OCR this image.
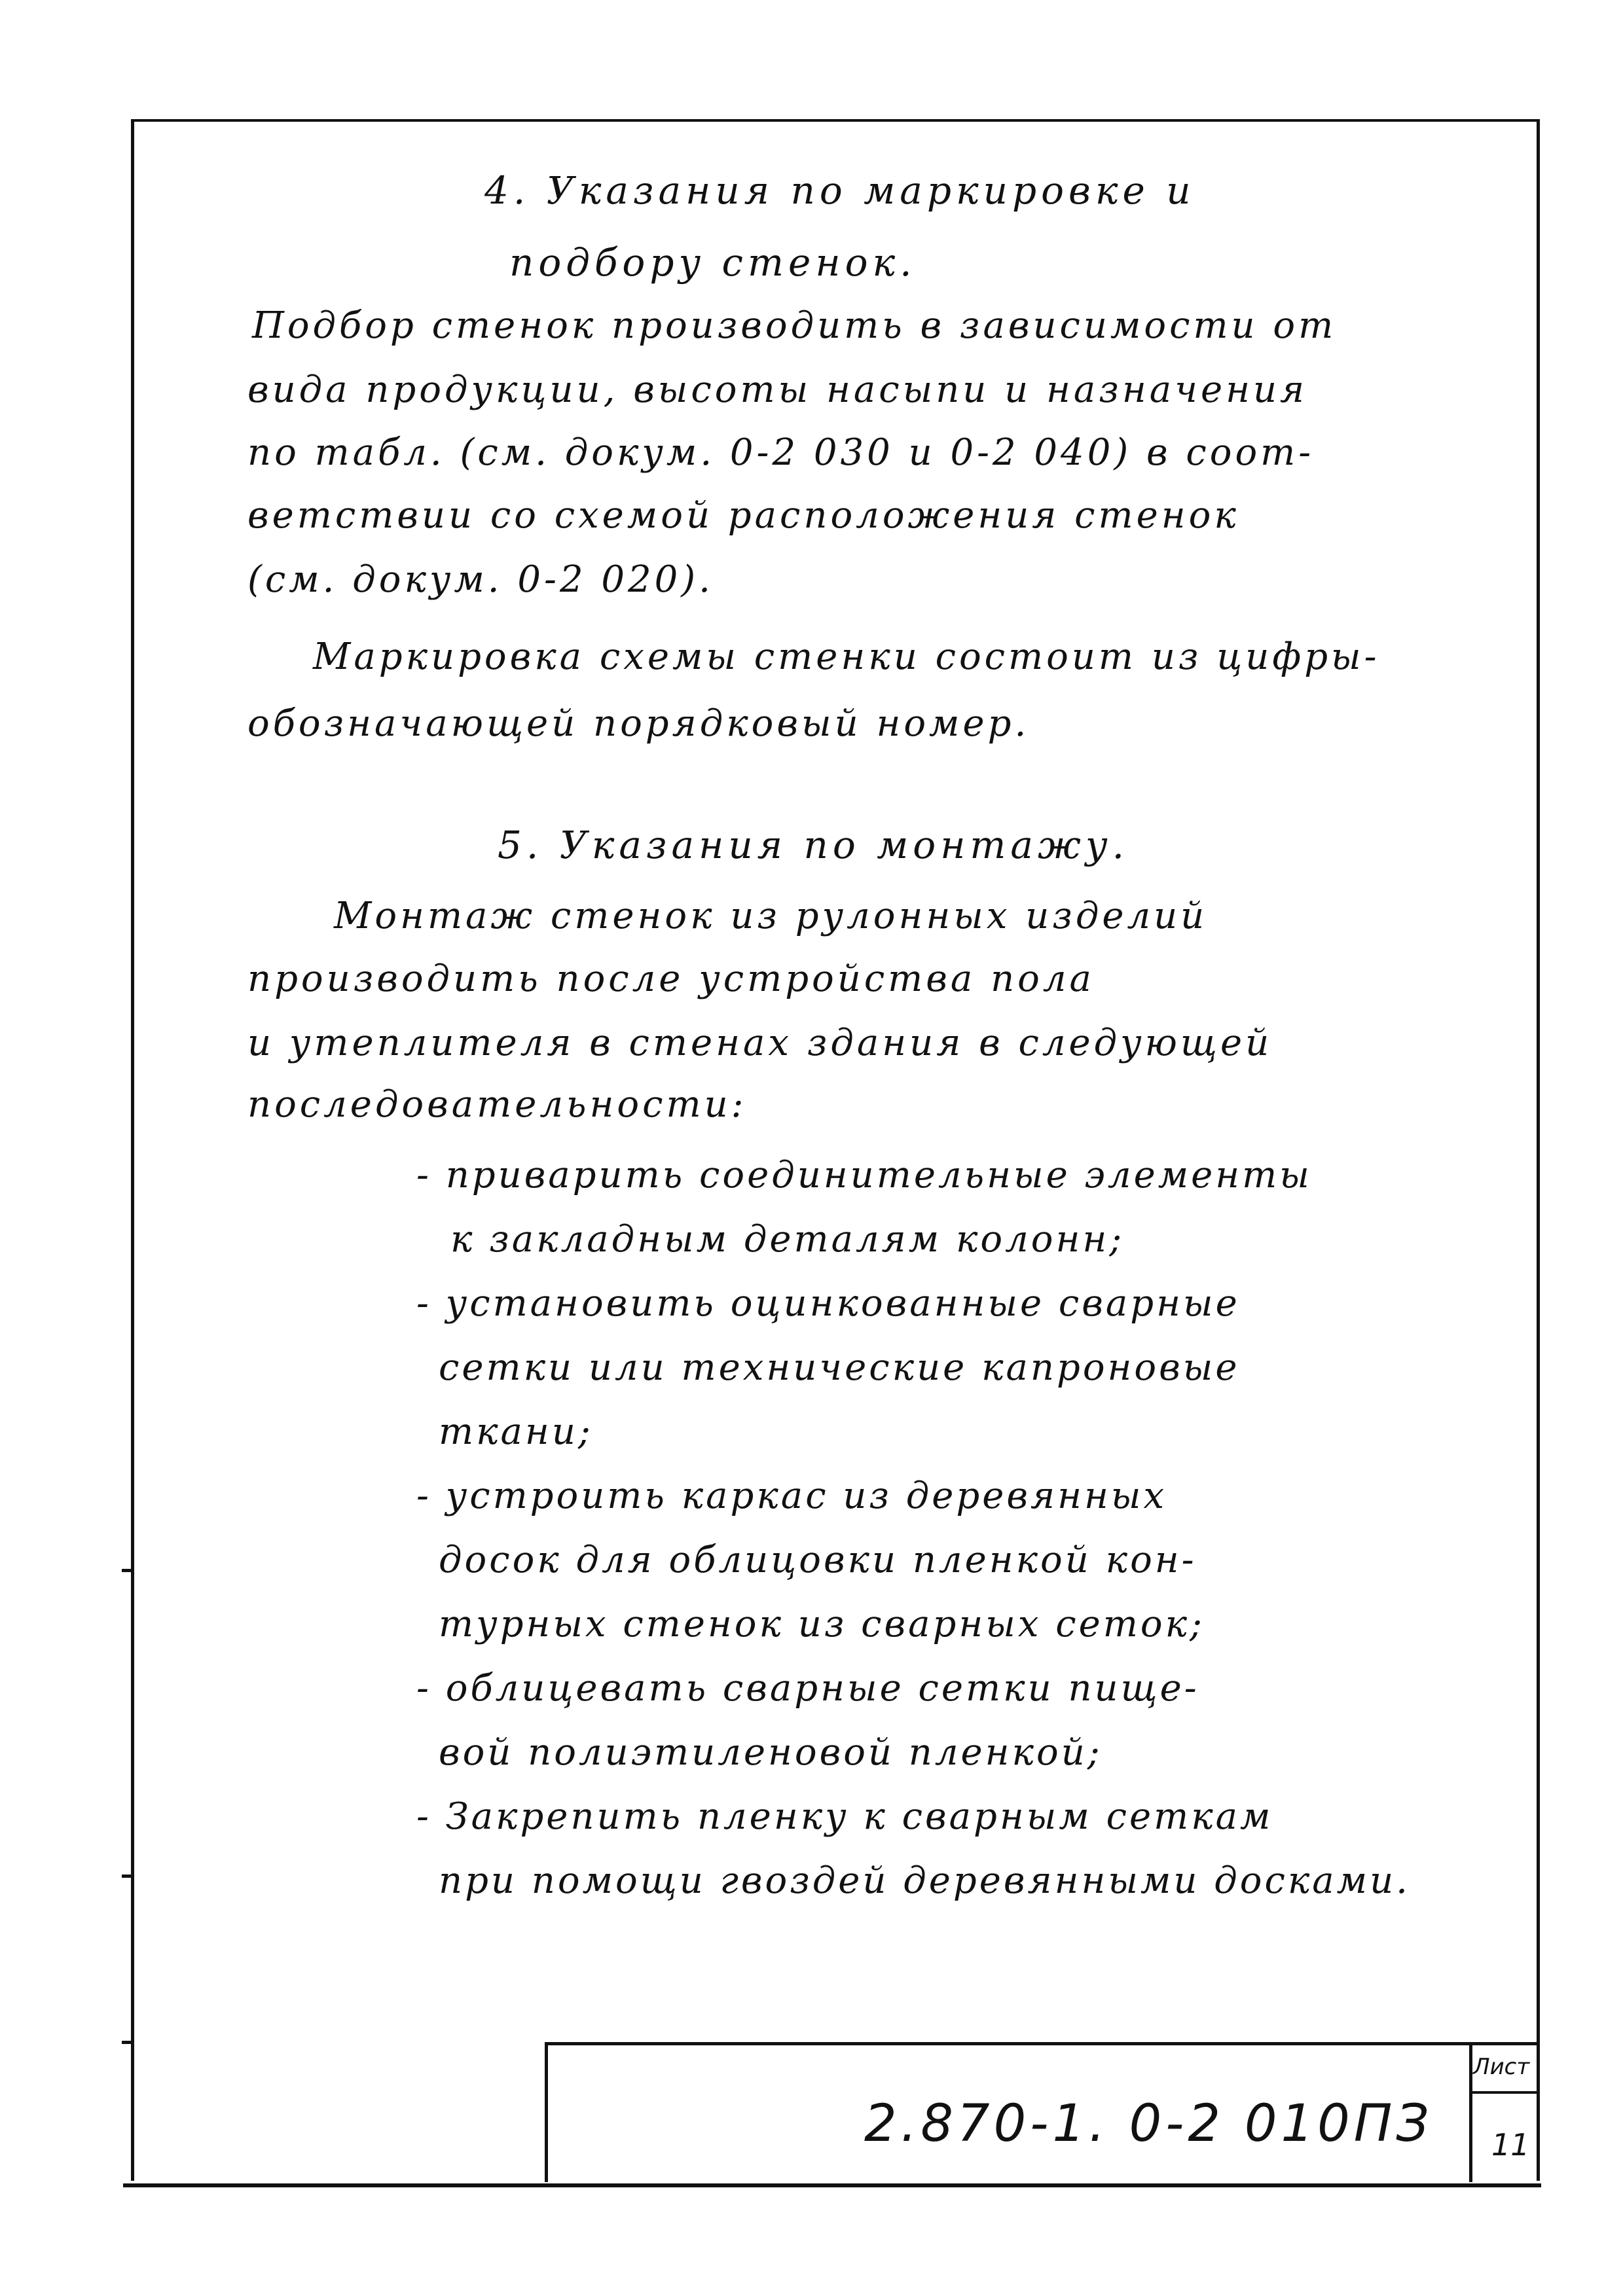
4. Указания по маркировке и
подбору стенок.
Подбор стенок производить в зависимости от
вида продукции, высоты насыпи и назначения
по табл. (см. докум. 0-2 030 и 0-2 040) в соот-
ветствии со схемой расположения стенок
(см. докум. 0-2 020).
Маркировка схемы стенки состоит из цифры-
обозначающей порядковый номер.
5. Указания по монтажу.
Монтаж стенок из рулонных изделий
производить после устройства пола
и утеплителя в стенах здания в следующей
последовательности:
- приварить соединительные элементы
к закладным деталям колонн;
- установить оцинкованные сварные
сетки или технические капроновые
ткани;
- устроить каркас из деревянных
досок для облицовки пленкой кон-
турных стенок из сварных сеток;
- облицевать сварные сетки пище-
вой полиэтиленовой пленкой;
- Закрепить пленку к сварным сеткам
при помощи гвоздей деревянными досками.
2.870-1. 0-2 010ПЗ
Лист
11
